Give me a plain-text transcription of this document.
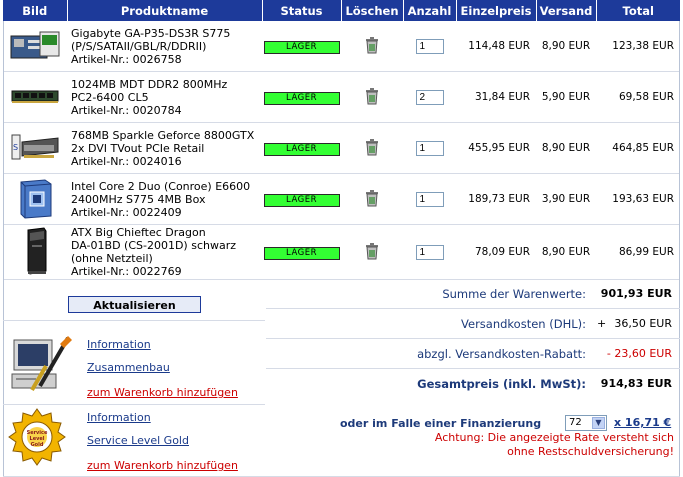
Bild	Produktname	Status	Löschen	Anzahl	Einzelpreis	Versand	Total

Gigabyte GA-P35-DS3R S775
(P/S/SATAII/GBL/R/DDRII)
Artikel-Nr.: 0026758	LAGER		1	114,48 EUR	8,90 EUR	123,38 EUR

1024MB MDT DDR2 800MHz
PC2-6400 CL5
Artikel-Nr.: 0020784	LAGER		2	31,84 EUR	5,90 EUR	69,58 EUR

S	768MB Sparkle Geforce 8800GTX
2x DVI TVout PCIe Retail
Artikel-Nr.: 0024016	LAGER		1	455,95 EUR	8,90 EUR	464,85 EUR

Intel Core 2 Duo (Conroe) E6600
2400MHz S775 4MB Box
Artikel-Nr.: 0022409	LAGER		1	189,73 EUR	3,90 EUR	193,63 EUR

ATX Big Chieftec Dragon
DA-01BD (CS-2001D) schwarz
(ohne Netzteil)
Artikel-Nr.: 0022769	LAGER		1	78,09 EUR	8,90 EUR	86,99 EUR
Aktualisieren
Summe der Warenwerte:	901,93 EUR
Versandkosten (DHL): + 36,50 EUR
abzgl. Versandkosten-Rabatt:	- 23,60 EUR
Gesamtpreis (inkl. MwSt):	914,83 EUR
Information
Zusammenbau
zum Warenkorb hinzufügen
Service
Level
Gold
Information
Service Level Gold
zum Warenkorb hinzufügen
oder im Falle einer Finanzierung	72	▼	x 16,71 €
Achtung: Die angezeigte Rate versteht sich
ohne Restschuldversicherung!
